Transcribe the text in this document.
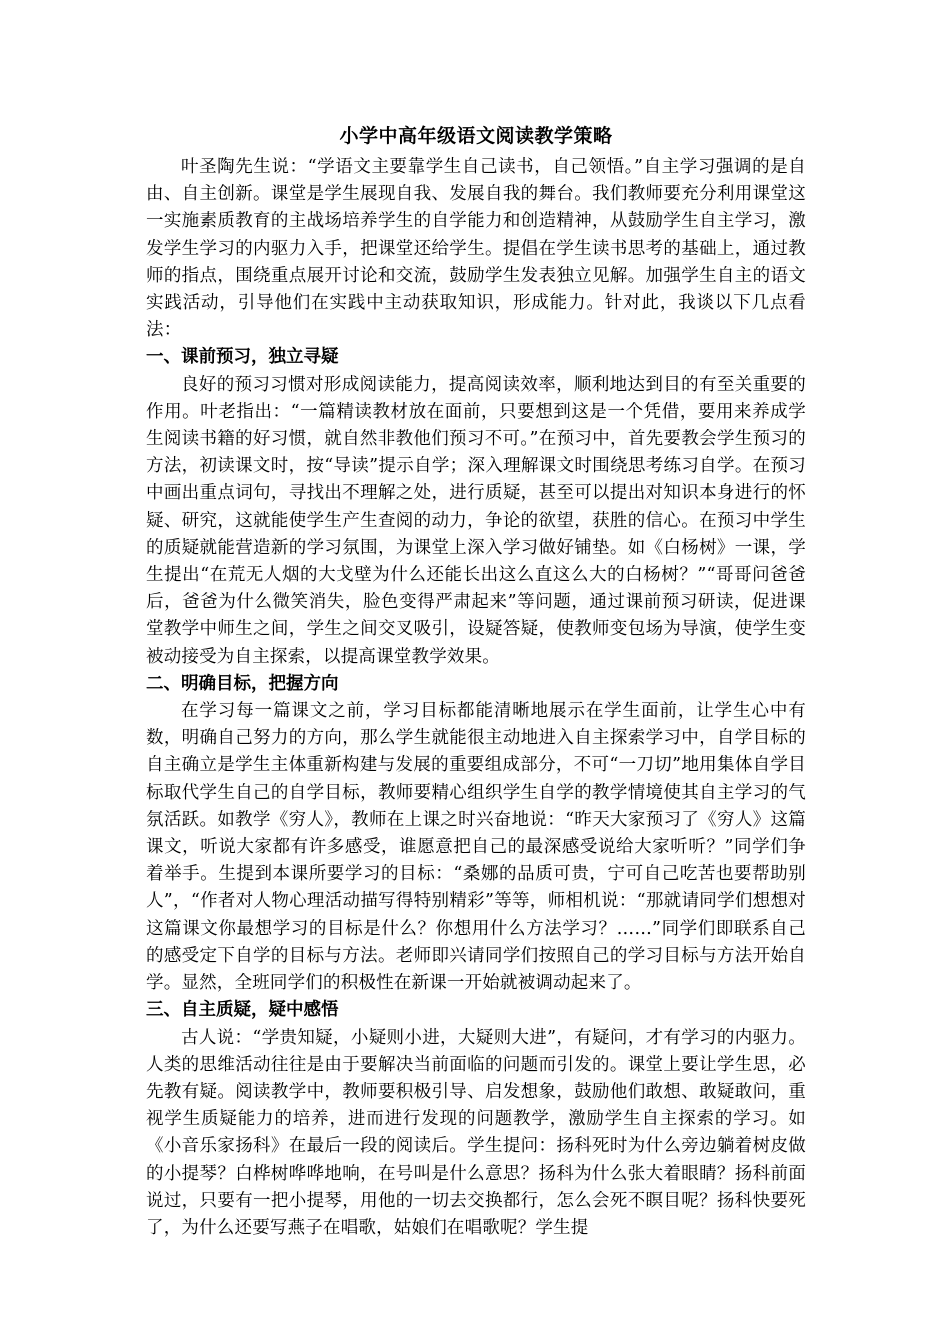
小学中高年级语文阅读教学策略

叶圣陶先生说：“学语文主要靠学生自己读书，自己领悟。”自主学习强调的是自由、自主创新。课堂是学生展现自我、发展自我的舞台。我们教师要充分利用课堂这一实施素质教育的主战场培养学生的自学能力和创造精神，从鼓励学生自主学习，激发学生学习的内驱力入手，把课堂还给学生。提倡在学生读书思考的基础上，通过教师的指点，围绕重点展开讨论和交流，鼓励学生发表独立见解。加强学生自主的语文实践活动，引导他们在实践中主动获取知识，形成能力。针对此，我谈以下几点看法：

一、课前预习，独立寻疑

良好的预习习惯对形成阅读能力，提高阅读效率，顺利地达到目的有至关重要的作用。叶老指出：“一篇精读教材放在面前，只要想到这是一个凭借，要用来养成学生阅读书籍的好习惯，就自然非教他们预习不可。”在预习中，首先要教会学生预习的方法，初读课文时，按“导读”提示自学；深入理解课文时围绕思考练习自学。在预习中画出重点词句，寻找出不理解之处，进行质疑，甚至可以提出对知识本身进行的怀疑、研究，这就能使学生产生查阅的动力，争论的欲望，获胜的信心。在预习中学生的质疑就能营造新的学习氛围，为课堂上深入学习做好铺垫。如《白杨树》一课，学生提出“在荒无人烟的大戈壁为什么还能长出这么直这么大的白杨树？”“哥哥问爸爸后，爸爸为什么微笑消失，脸色变得严肃起来”等问题，通过课前预习研读，促进课堂教学中师生之间，学生之间交叉吸引，设疑答疑，使教师变包场为导演，使学生变被动接受为自主探索，以提高课堂教学效果。

二、明确目标，把握方向

在学习每一篇课文之前，学习目标都能清晰地展示在学生面前，让学生心中有数，明确自己努力的方向，那么学生就能很主动地进入自主探索学习中，自学目标的自主确立是学生主体重新构建与发展的重要组成部分，不可“一刀切”地用集体自学目标取代学生自己的自学目标，教师要精心组织学生自学的教学情境使其自主学习的气氛活跃。如教学《穷人》，教师在上课之时兴奋地说：“昨天大家预习了《穷人》这篇课文，听说大家都有许多感受，谁愿意把自己的最深感受说给大家听听？”同学们争着举手。生提到本课所要学习的目标：“桑娜的品质可贵，宁可自己吃苦也要帮助别人”，“作者对人物心理活动描写得特别精彩”等等，师相机说：“那就请同学们想想对这篇课文你最想学习的目标是什么？你想用什么方法学习？……”同学们即联系自己的感受定下自学的目标与方法。老师即兴请同学们按照自己的学习目标与方法开始自学。显然，全班同学们的积极性在新课一开始就被调动起来了。

三、自主质疑，疑中感悟

古人说：“学贵知疑，小疑则小进，大疑则大进”，有疑问，才有学习的内驱力。人类的思维活动往往是由于要解决当前面临的问题而引发的。课堂上要让学生思，必先教有疑。阅读教学中，教师要积极引导、启发想象，鼓励他们敢想、敢疑敢问，重视学生质疑能力的培养，进而进行发现的问题教学，激励学生自主探索的学习。如《小音乐家扬科》在最后一段的阅读后。学生提问：扬科死时为什么旁边躺着树皮做的小提琴？白桦树哗哗地响，在号叫是什么意思？扬科为什么张大着眼睛？扬科前面说过，只要有一把小提琴，用他的一切去交换都行，怎么会死不瞑目呢？扬科快要死了，为什么还要写燕子在唱歌，姑娘们在唱歌呢？学生提
